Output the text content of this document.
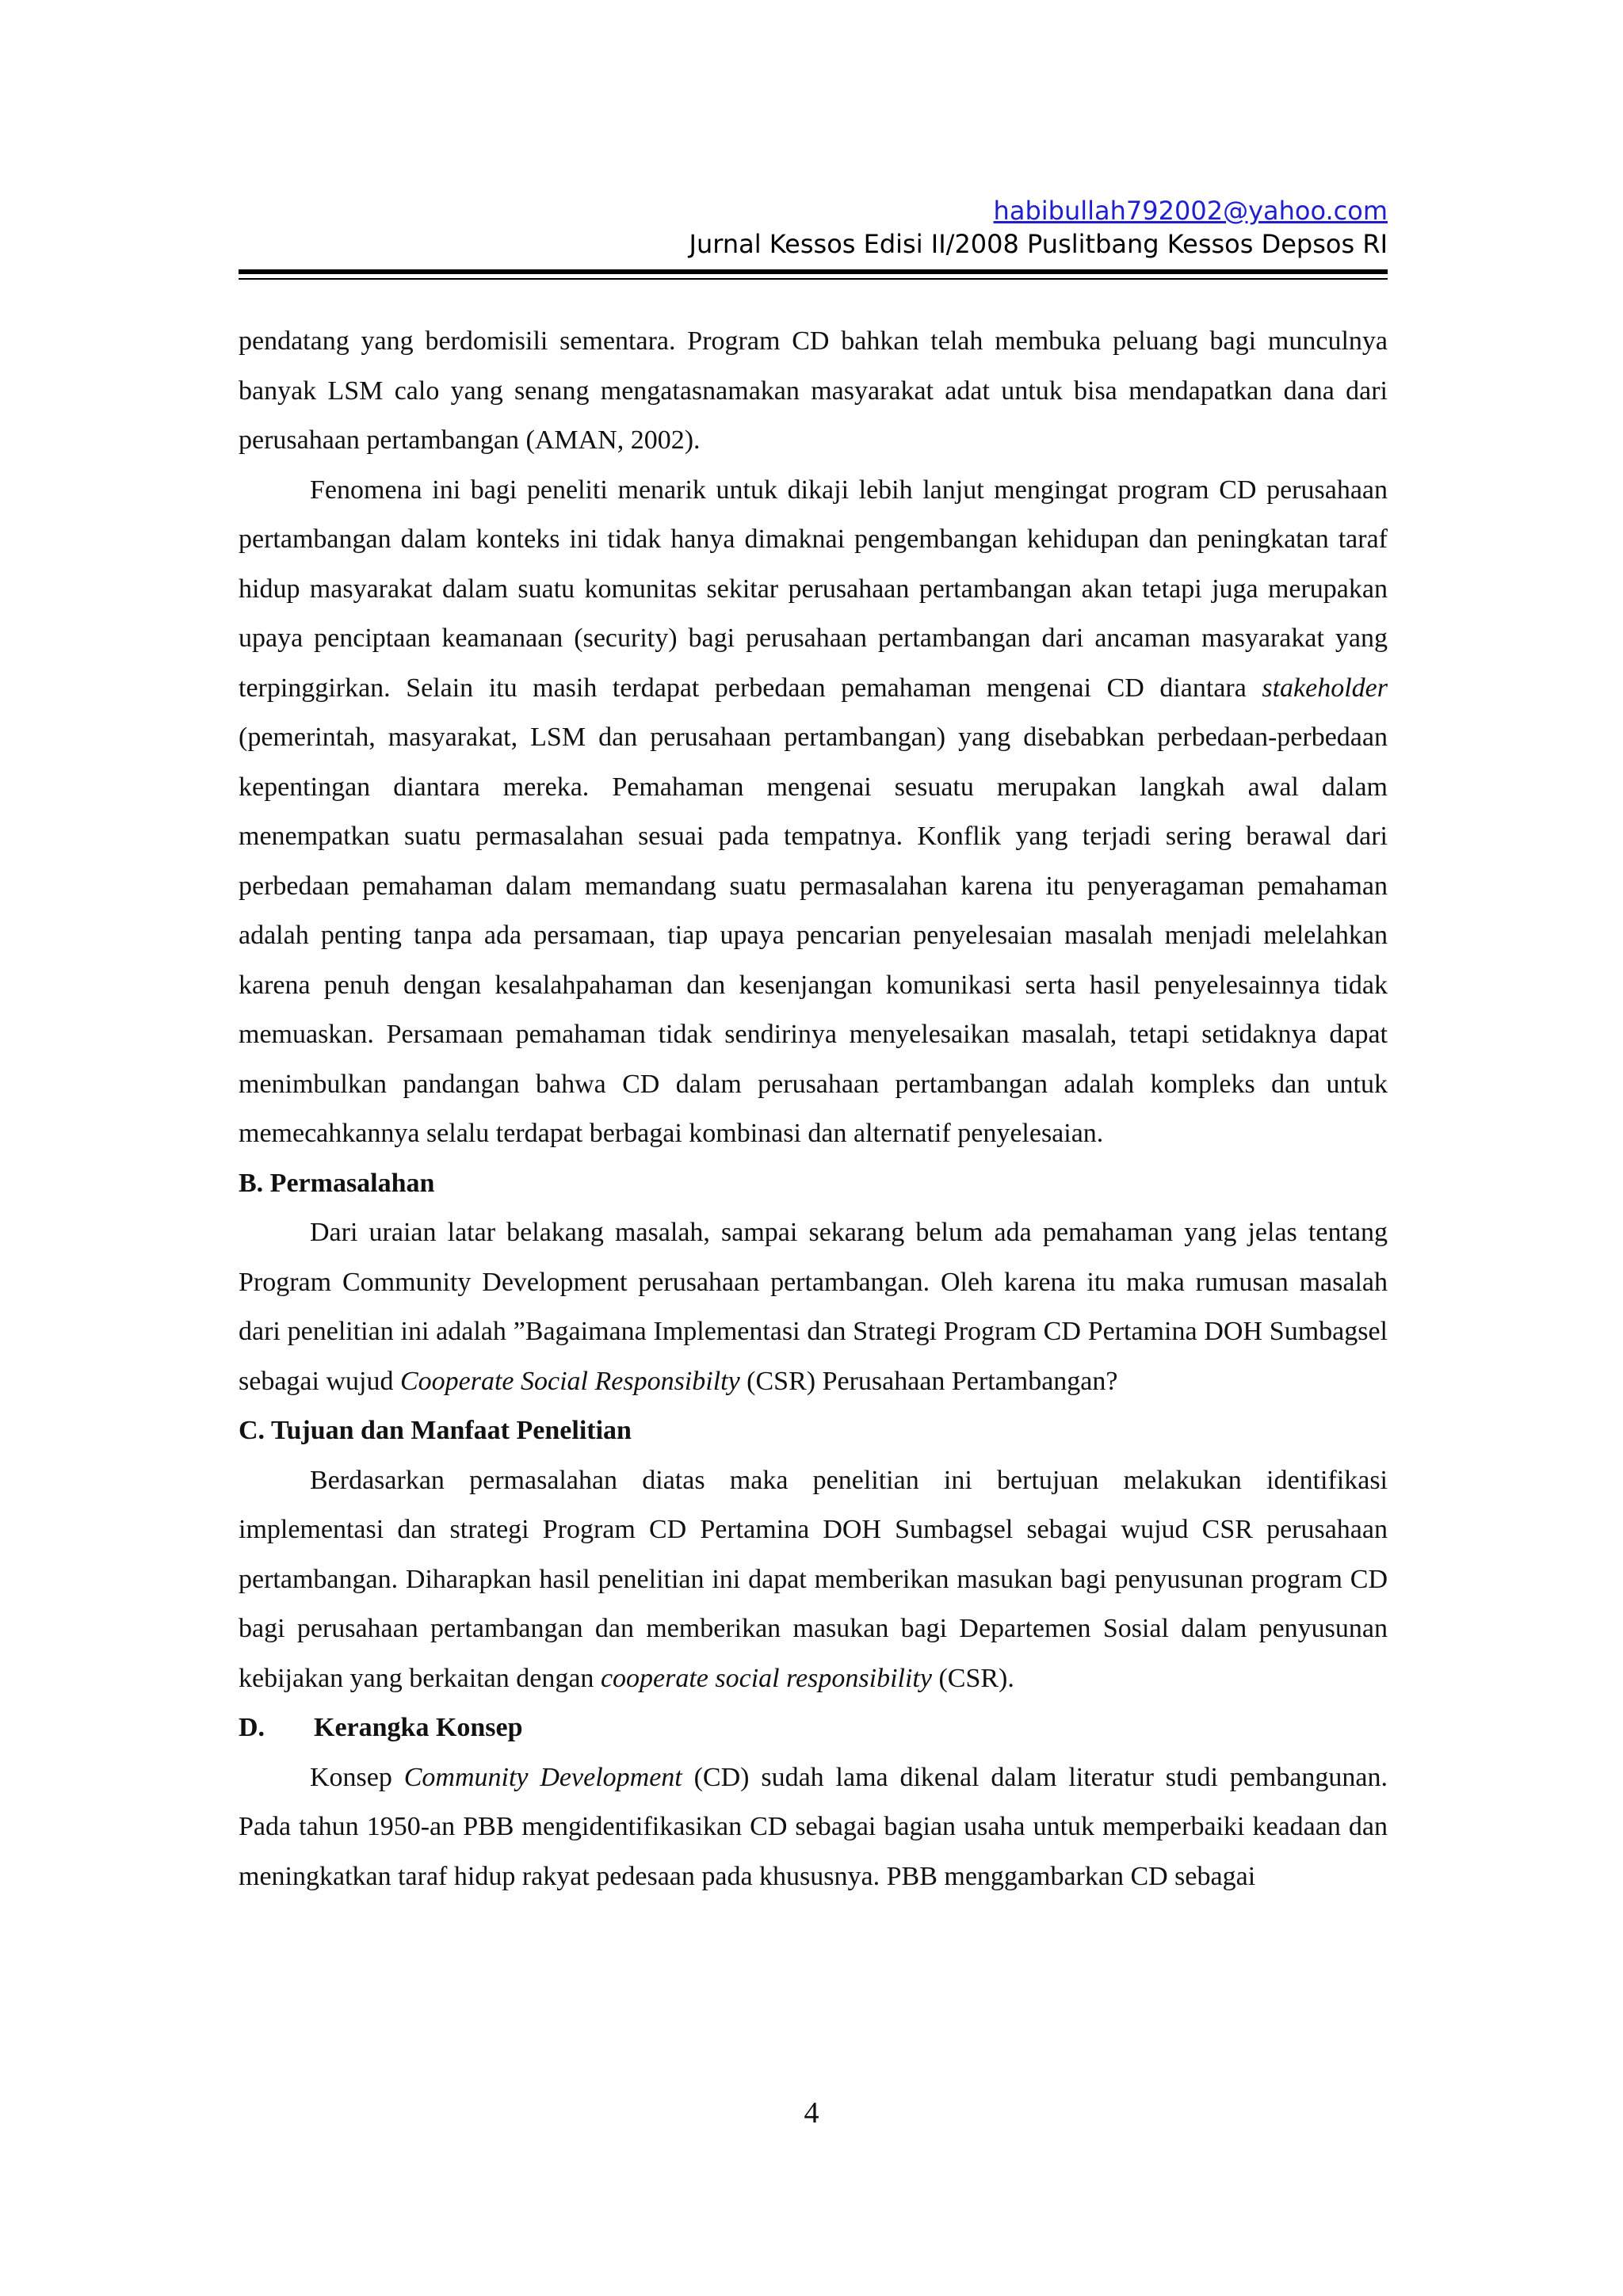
habibullah792002@yahoo.com
Jurnal Kessos Edisi II/2008 Puslitbang Kessos Depsos RI

pendatang yang berdomisili sementara. Program CD bahkan telah membuka peluang bagi munculnya banyak LSM calo yang senang mengatasnamakan masyarakat adat untuk bisa mendapatkan dana dari perusahaan pertambangan (AMAN, 2002).

Fenomena ini bagi peneliti menarik untuk dikaji lebih lanjut mengingat program CD perusahaan pertambangan dalam konteks ini tidak hanya dimaknai pengembangan kehidupan dan peningkatan taraf hidup masyarakat dalam suatu komunitas sekitar perusahaan pertambangan akan tetapi juga merupakan upaya penciptaan keamanaan (security) bagi perusahaan pertambangan dari ancaman masyarakat yang terpinggirkan. Selain itu masih terdapat perbedaan pemahaman mengenai CD diantara stakeholder (pemerintah, masyarakat, LSM dan perusahaan pertambangan) yang disebabkan perbedaan-perbedaan kepentingan diantara mereka. Pemahaman mengenai sesuatu merupakan langkah awal dalam menempatkan suatu permasalahan sesuai pada tempatnya. Konflik yang terjadi sering berawal dari perbedaan pemahaman dalam memandang suatu permasalahan karena itu penyeragaman pemahaman adalah penting tanpa ada persamaan, tiap upaya pencarian penyelesaian masalah menjadi melelahkan karena penuh dengan kesalahpahaman dan kesenjangan komunikasi serta hasil penyelesainnya tidak memuaskan. Persamaan pemahaman tidak sendirinya menyelesaikan masalah, tetapi setidaknya dapat menimbulkan pandangan bahwa CD dalam perusahaan pertambangan adalah kompleks dan untuk memecahkannya selalu terdapat berbagai kombinasi dan alternatif penyelesaian.

B. Permasalahan

Dari uraian latar belakang masalah, sampai sekarang belum ada pemahaman yang jelas tentang Program Community Development perusahaan pertambangan. Oleh karena itu maka rumusan masalah dari penelitian ini adalah ”Bagaimana Implementasi dan Strategi Program CD Pertamina DOH Sumbagsel sebagai wujud Cooperate Social Responsibilty (CSR) Perusahaan Pertambangan?

C. Tujuan dan Manfaat Penelitian

Berdasarkan permasalahan diatas maka penelitian ini bertujuan melakukan identifikasi implementasi dan strategi Program CD Pertamina DOH Sumbagsel sebagai wujud CSR perusahaan pertambangan. Diharapkan hasil penelitian ini dapat memberikan masukan bagi penyusunan program CD bagi perusahaan pertambangan dan memberikan masukan bagi Departemen Sosial dalam penyusunan kebijakan yang berkaitan dengan cooperate social responsibility (CSR).

D. Kerangka Konsep

Konsep Community Development (CD) sudah lama dikenal dalam literatur studi pembangunan. Pada tahun 1950-an PBB mengidentifikasikan CD sebagai bagian usaha untuk memperbaiki keadaan dan meningkatkan taraf hidup rakyat pedesaan pada khususnya. PBB menggambarkan CD sebagai

4
